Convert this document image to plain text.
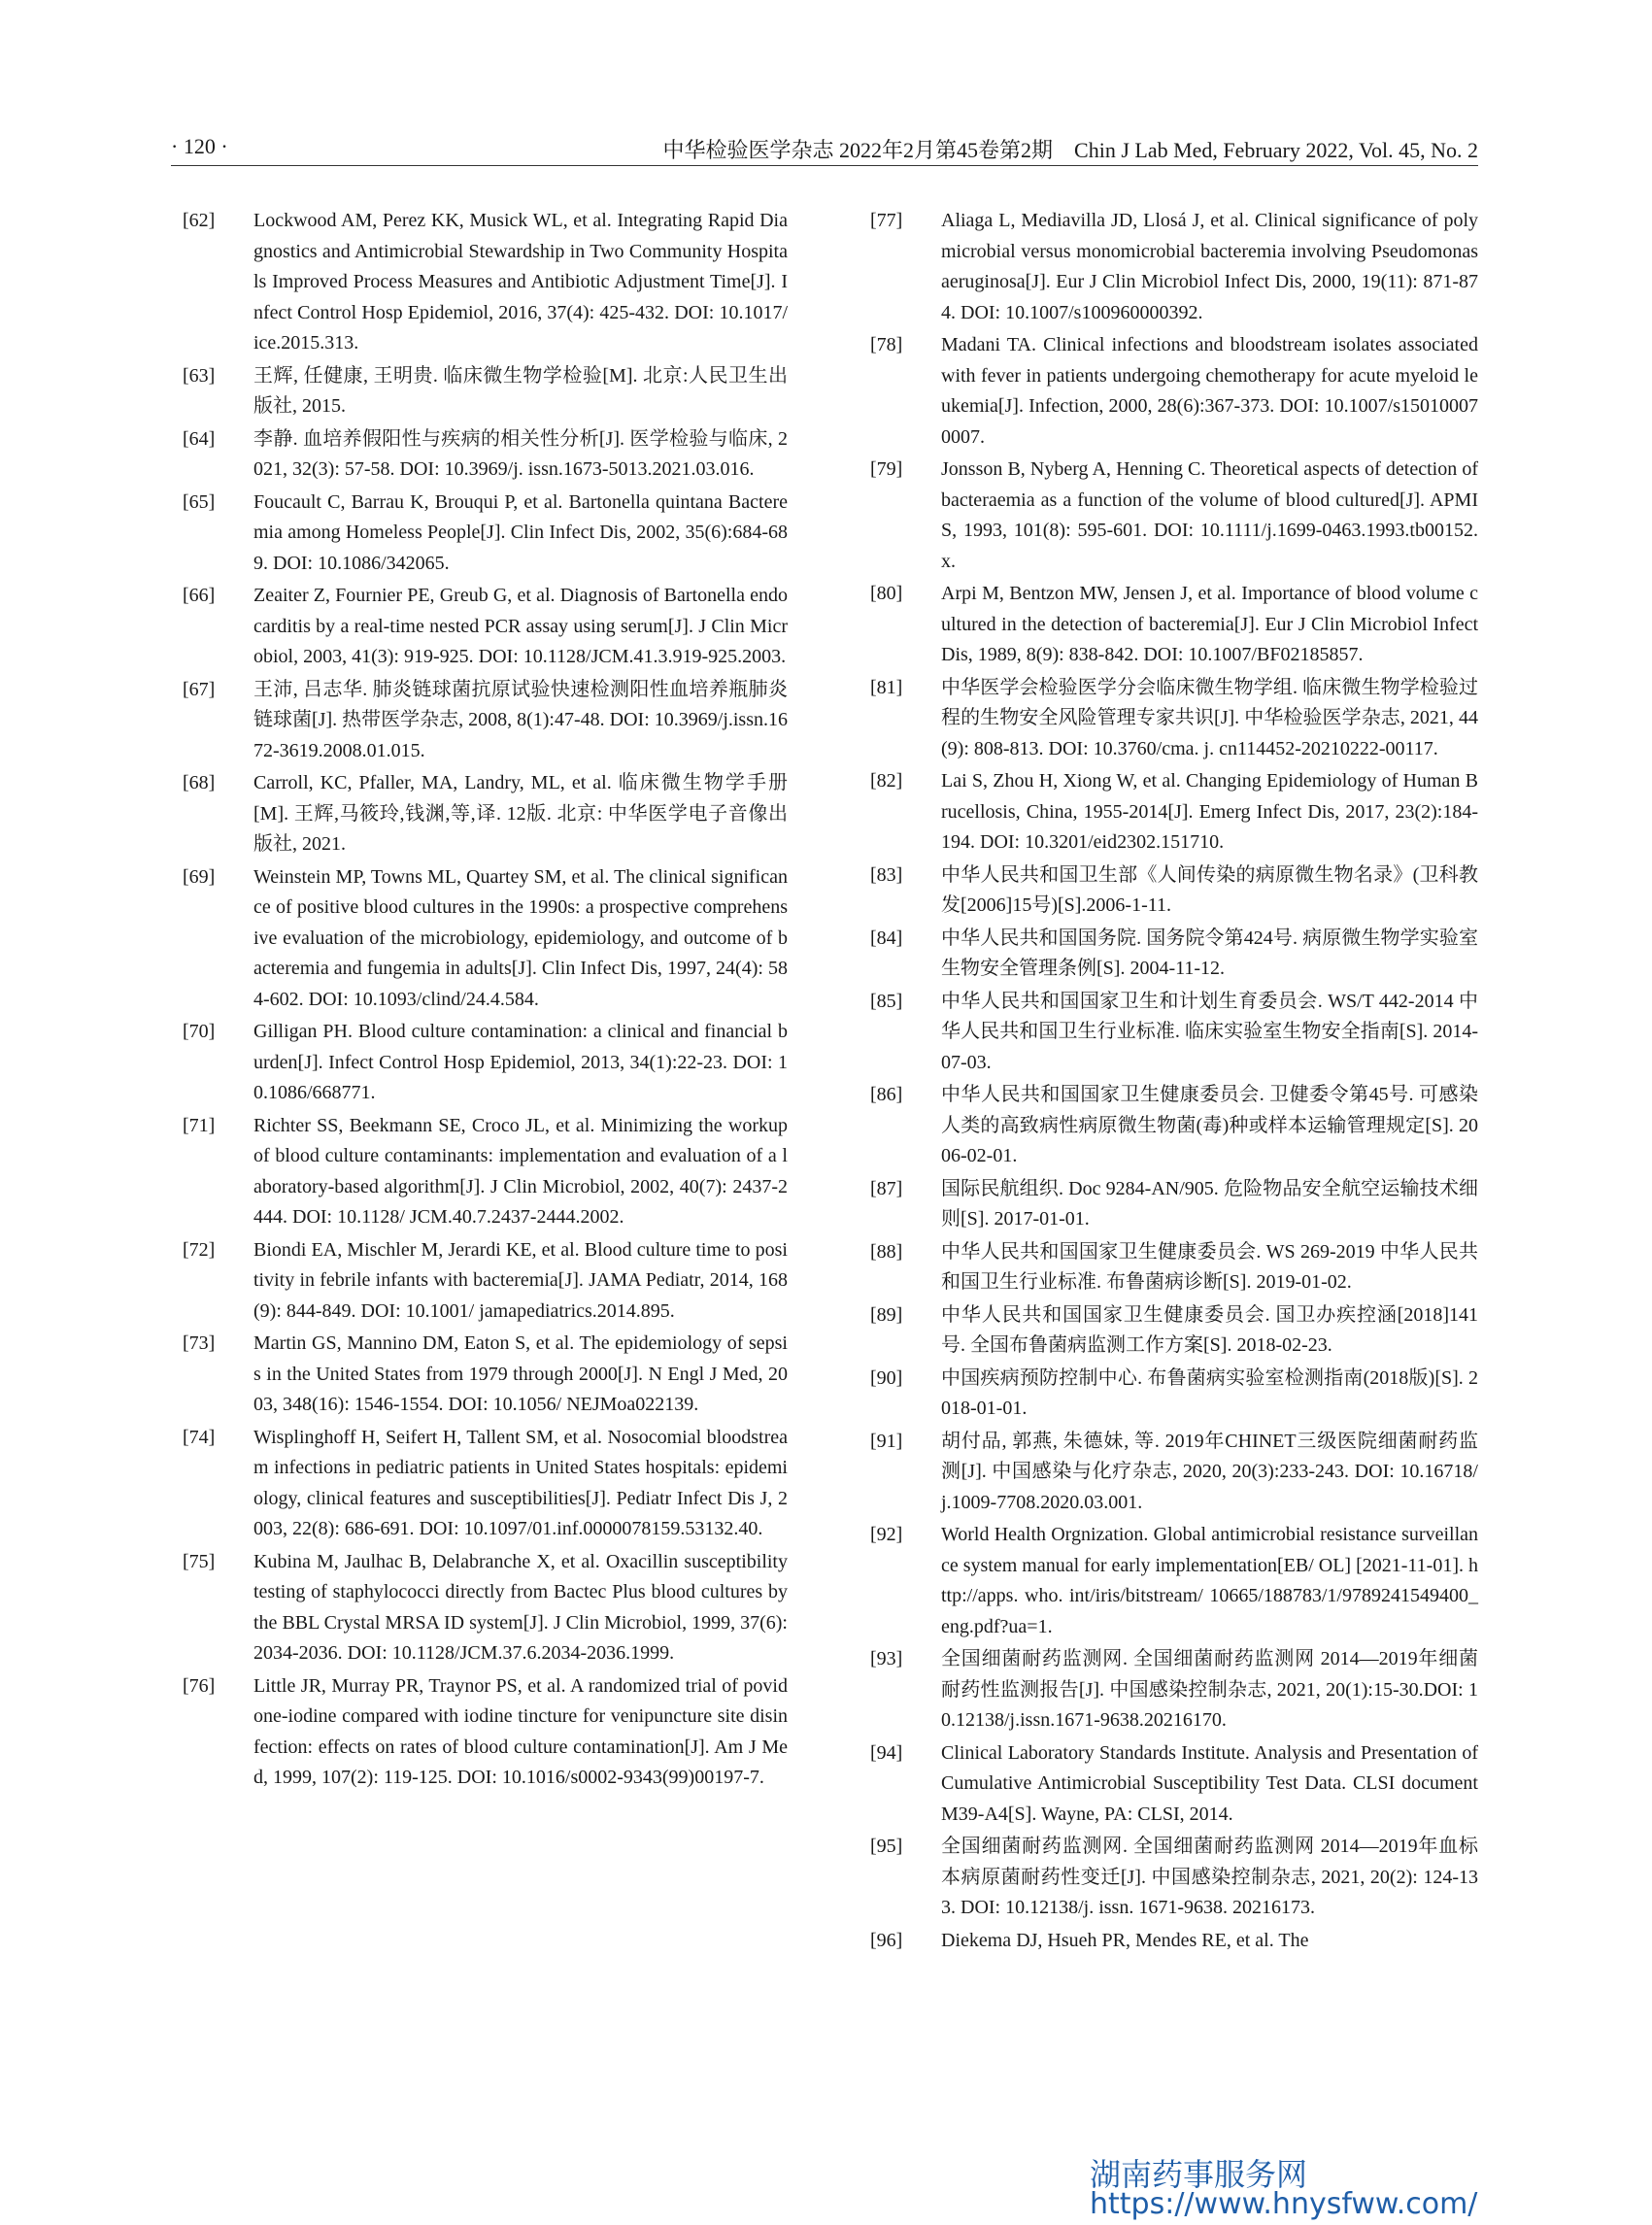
· 120 ·	中华检验医学杂志 2022年2月第45卷第2期　Chin J Lab Med, February 2022, Vol. 45, No. 2
[62]	Lockwood AM, Perez KK, Musick WL, et al. Integrating Rapid Diagnostics and Antimicrobial Stewardship in Two Community Hospitals Improved Process Measures and Antibiotic Adjustment Time[J]. Infect Control Hosp Epidemiol, 2016, 37(4): 425-432. DOI: 10.1017/ ice.2015.313.
[63]	王辉, 任健康, 王明贵. 临床微生物学检验[M]. 北京:人民卫生出版社, 2015.
[64]	李静. 血培养假阳性与疾病的相关性分析[J]. 医学检验与临床, 2021, 32(3): 57-58. DOI: 10.3969/j. issn.1673-5013.2021.03.016.
[65]	Foucault C, Barrau K, Brouqui P, et al. Bartonella quintana Bacteremia among Homeless People[J]. Clin Infect Dis, 2002, 35(6):684-689. DOI: 10.1086/342065.
[66]	Zeaiter Z, Fournier PE, Greub G, et al. Diagnosis of Bartonella endocarditis by a real-time nested PCR assay using serum[J]. J Clin Microbiol, 2003, 41(3): 919-925. DOI: 10.1128/JCM.41.3.919-925.2003.
[67]	王沛, 吕志华. 肺炎链球菌抗原试验快速检测阳性血培养瓶肺炎链球菌[J]. 热带医学杂志, 2008, 8(1):47-48. DOI: 10.3969/j.issn.1672-3619.2008.01.015.
[68]	Carroll, KC, Pfaller, MA, Landry, ML, et al. 临床微生物学手册[M]. 王辉,马筱玲,钱渊,等,译. 12版. 北京: 中华医学电子音像出版社, 2021.
[69]	Weinstein MP, Towns ML, Quartey SM, et al. The clinical significance of positive blood cultures in the 1990s: a prospective comprehensive evaluation of the microbiology, epidemiology, and outcome of bacteremia and fungemia in adults[J]. Clin Infect Dis, 1997, 24(4): 584-602. DOI: 10.1093/clind/24.4.584.
[70]	Gilligan PH. Blood culture contamination: a clinical and financial burden[J]. Infect Control Hosp Epidemiol, 2013, 34(1):22-23. DOI: 10.1086/668771.
[71]	Richter SS, Beekmann SE, Croco JL, et al. Minimizing the workup of blood culture contaminants: implementation and evaluation of a laboratory-based algorithm[J]. J Clin Microbiol, 2002, 40(7): 2437-2444. DOI: 10.1128/ JCM.40.7.2437-2444.2002.
[72]	Biondi EA, Mischler M, Jerardi KE, et al. Blood culture time to positivity in febrile infants with bacteremia[J]. JAMA Pediatr, 2014, 168(9): 844-849. DOI: 10.1001/ jamapediatrics.2014.895.
[73]	Martin GS, Mannino DM, Eaton S, et al. The epidemiology of sepsis in the United States from 1979 through 2000[J]. N Engl J Med, 2003, 348(16): 1546-1554. DOI: 10.1056/ NEJMoa022139.
[74]	Wisplinghoff H, Seifert H, Tallent SM, et al. Nosocomial bloodstream infections in pediatric patients in United States hospitals: epidemiology, clinical features and susceptibilities[J]. Pediatr Infect Dis J, 2003, 22(8): 686-691. DOI: 10.1097/01.inf.0000078159.53132.40.
[75]	Kubina M, Jaulhac B, Delabranche X, et al. Oxacillin susceptibility testing of staphylococci directly from Bactec Plus blood cultures by the BBL Crystal MRSA ID system[J]. J Clin Microbiol, 1999, 37(6): 2034-2036. DOI: 10.1128/JCM.37.6.2034-2036.1999.
[76]	Little JR, Murray PR, Traynor PS, et al. A randomized trial of povidone-iodine compared with iodine tincture for venipuncture site disinfection: effects on rates of blood culture contamination[J]. Am J Med, 1999, 107(2): 119-125. DOI: 10.1016/s0002-9343(99)00197-7.
[77]	Aliaga L, Mediavilla JD, Llosá J, et al. Clinical significance of polymicrobial versus monomicrobial bacteremia involving Pseudomonas aeruginosa[J]. Eur J Clin Microbiol Infect Dis, 2000, 19(11): 871-874. DOI: 10.1007/s100960000392.
[78]	Madani TA. Clinical infections and bloodstream isolates associated with fever in patients undergoing chemotherapy for acute myeloid leukemia[J]. Infection, 2000, 28(6):367-373. DOI: 10.1007/s150100070007.
[79]	Jonsson B, Nyberg A, Henning C. Theoretical aspects of detection of bacteraemia as a function of the volume of blood cultured[J]. APMIS, 1993, 101(8): 595-601. DOI: 10.1111/j.1699-0463.1993.tb00152.x.
[80]	Arpi M, Bentzon MW, Jensen J, et al. Importance of blood volume cultured in the detection of bacteremia[J]. Eur J Clin Microbiol Infect Dis, 1989, 8(9): 838-842. DOI: 10.1007/BF02185857.
[81]	中华医学会检验医学分会临床微生物学组. 临床微生物学检验过程的生物安全风险管理专家共识[J]. 中华检验医学杂志, 2021, 44(9): 808-813. DOI: 10.3760/cma. j. cn114452-20210222-00117.
[82]	Lai S, Zhou H, Xiong W, et al. Changing Epidemiology of Human Brucellosis, China, 1955-2014[J]. Emerg Infect Dis, 2017, 23(2):184-194. DOI: 10.3201/eid2302.151710.
[83]	中华人民共和国卫生部《人间传染的病原微生物名录》(卫科教发[2006]15号)[S].2006-1-11.
[84]	中华人民共和国国务院. 国务院令第424号. 病原微生物学实验室生物安全管理条例[S]. 2004-11-12.
[85]	中华人民共和国国家卫生和计划生育委员会. WS/T 442-2014 中华人民共和国卫生行业标准. 临床实验室生物安全指南[S]. 2014-07-03.
[86]	中华人民共和国国家卫生健康委员会. 卫健委令第45号. 可感染人类的高致病性病原微生物菌(毒)种或样本运输管理规定[S]. 2006-02-01.
[87]	国际民航组织. Doc 9284-AN/905. 危险物品安全航空运输技术细则[S]. 2017-01-01.
[88]	中华人民共和国国家卫生健康委员会. WS 269-2019 中华人民共和国卫生行业标准. 布鲁菌病诊断[S]. 2019-01-02.
[89]	中华人民共和国国家卫生健康委员会. 国卫办疾控涵[2018]141号. 全国布鲁菌病监测工作方案[S]. 2018-02-23.
[90]	中国疾病预防控制中心. 布鲁菌病实验室检测指南(2018版)[S]. 2018-01-01.
[91]	胡付品, 郭燕, 朱德妹, 等. 2019年CHINET三级医院细菌耐药监测[J]. 中国感染与化疗杂志, 2020, 20(3):233-243. DOI: 10.16718/j.1009-7708.2020.03.001.
[92]	World Health Orgnization. Global antimicrobial resistance surveillance system manual for early implementation[EB/ OL] [2021-11-01]. http://apps. who. int/iris/bitstream/ 10665/188783/1/9789241549400_eng.pdf?ua=1.
[93]	全国细菌耐药监测网. 全国细菌耐药监测网 2014—2019年细菌耐药性监测报告[J]. 中国感染控制杂志, 2021, 20(1):15-30.DOI: 10.12138/j.issn.1671-9638.20216170.
[94]	Clinical Laboratory Standards Institute. Analysis and Presentation of Cumulative Antimicrobial Susceptibility Test Data. CLSI document M39-A4[S]. Wayne, PA: CLSI, 2014.
[95]	全国细菌耐药监测网. 全国细菌耐药监测网 2014—2019年血标本病原菌耐药性变迁[J]. 中国感染控制杂志, 2021, 20(2): 124-133. DOI: 10.12138/j. issn. 1671-9638. 20216173.
[96]	Diekema DJ, Hsueh PR, Mendes RE, et al. The
湖南药事服务网
https://www.hnysfww.com/
